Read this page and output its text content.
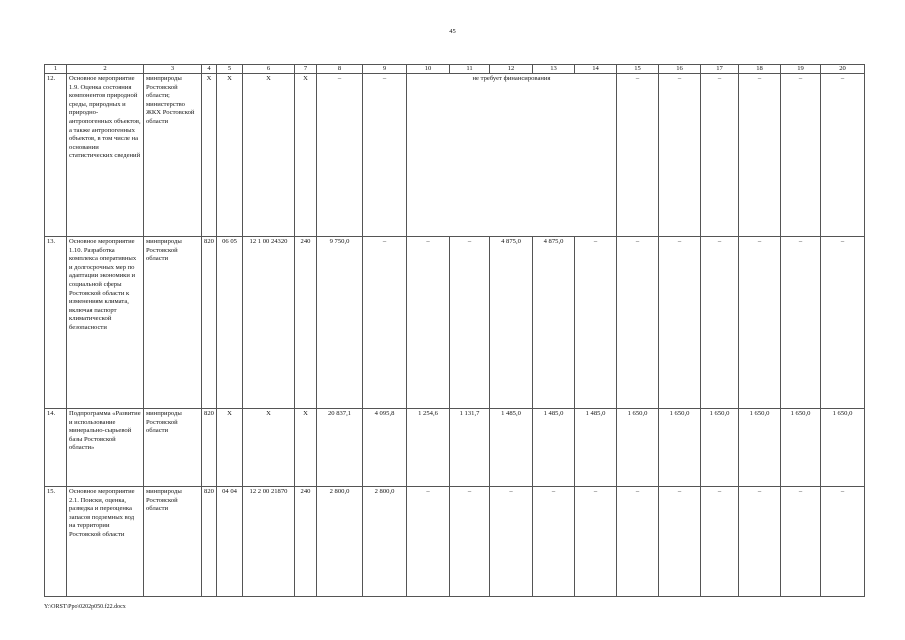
45
1	2	3	4	5	6	7	8	9	10	11	12	13	14	15	16	17	18	19	20
12.	Основное мероприятие 1.9. Оценка состояния компонентов природной среды, природных и природно-антропогенных объектов, а также антропогенных объектов, в том числе на основании статистических сведений	минприроды Ростовской области; министерство ЖКХ Ростовской области	Х	Х	Х	Х	–	–	не требует финансирования					–	–	–	–	–	–
13.	Основное мероприятие 1.10. Разработка комплекса оперативных и долгосрочных мер по адаптации экономики и социальной сферы Ростовской области к изменениям климата, включая паспорт климатической безопасности	минприроды Ростовской области	820	06 05	12 1 00 24320	240	9 750,0	–	–	–	4 875,0	4 875,0	–	–	–	–	–	–	–
14.	Подпрограмма «Развитие и использование минерально-сырьевой базы Ростовской области»	минприроды Ростовской области	820	Х	Х	Х	20 837,1	4 095,8	1 254,6	1 131,7	1 485,0	1 485,0	1 485,0	1 650,0	1 650,0	1 650,0	1 650,0	1 650,0	1 650,0
15.	Основное мероприятие 2.1. Поиски, оценка, разведка и переоценка запасов подземных вод на территории Ростовской области	минприроды Ростовской области	820	04 04	12 2 00 21870	240	2 800,0	2 800,0	–	–	–	–	–	–	–	–	–	–	–
Y:\ORST\Ppo\0202p050.f22.docx
